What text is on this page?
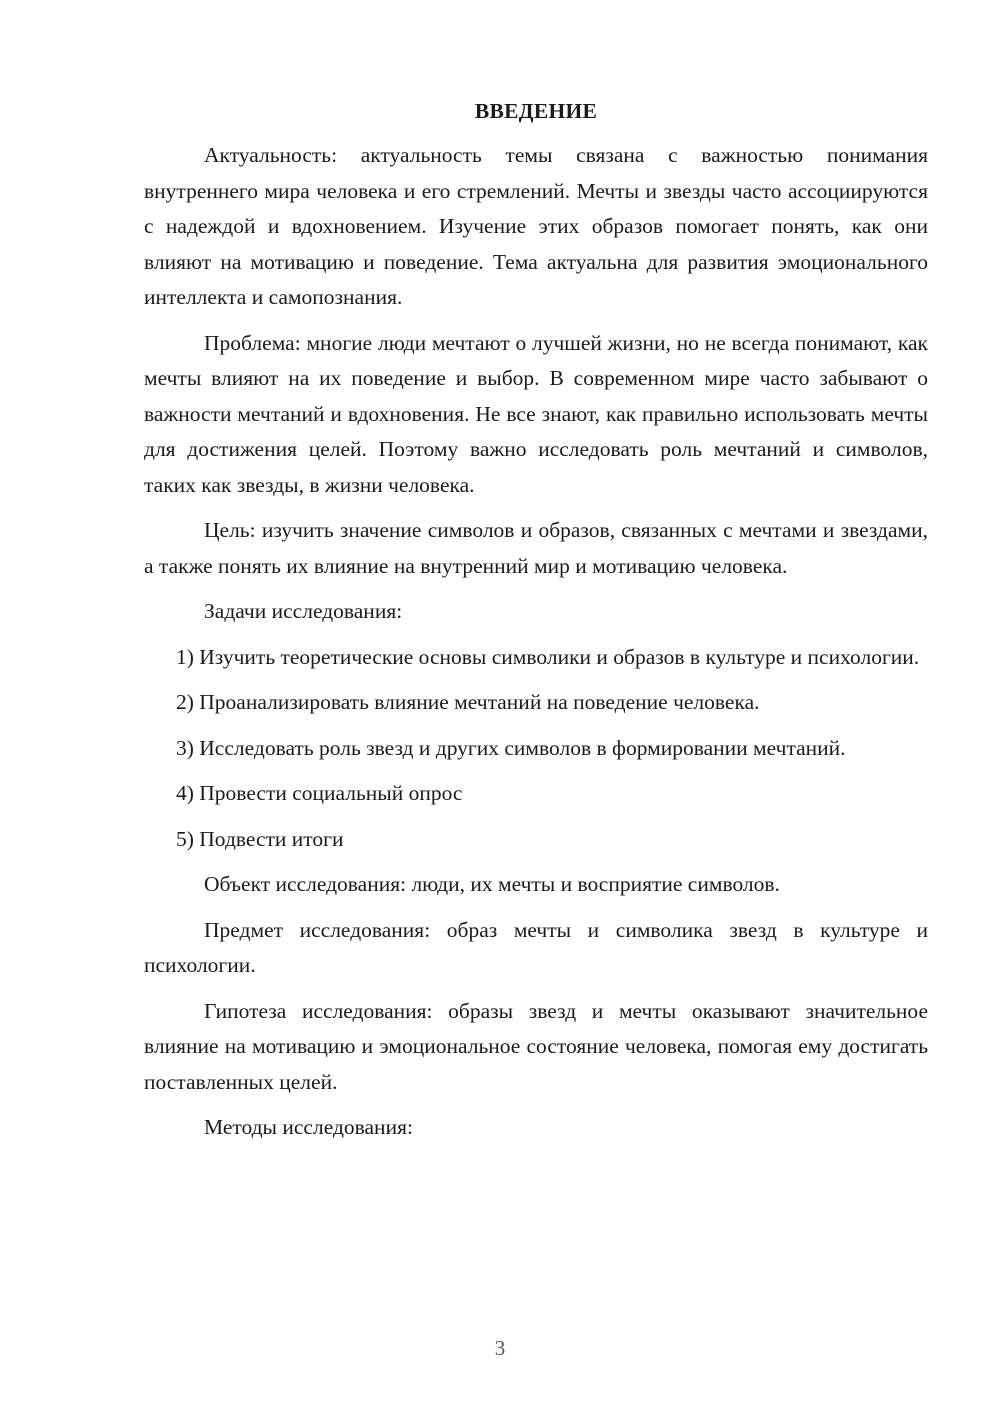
ВВЕДЕНИЕ

Актуальность: актуальность темы связана с важностью понимания внутреннего мира человека и его стремлений. Мечты и звезды часто ассоциируются с надеждой и вдохновением. Изучение этих образов помогает понять, как они влияют на мотивацию и поведение. Тема актуальна для развития эмоционального интеллекта и самопознания.

Проблема: многие люди мечтают о лучшей жизни, но не всегда понимают, как мечты влияют на их поведение и выбор. В современном мире часто забывают о важности мечтаний и вдохновения. Не все знают, как правильно использовать мечты для достижения целей. Поэтому важно исследовать роль мечтаний и символов, таких как звезды, в жизни человека.

Цель: изучить значение символов и образов, связанных с мечтами и звездами, а также понять их влияние на внутренний мир и мотивацию человека.

Задачи исследования:

1) Изучить теоретические основы символики и образов в культуре и психологии.

2) Проанализировать влияние мечтаний на поведение человека.

3) Исследовать роль звезд и других символов в формировании мечтаний.

4) Провести социальный опрос

5) Подвести итоги

Объект исследования: люди, их мечты и восприятие символов.

Предмет исследования: образ мечты и символика звезд в культуре и психологии.

Гипотеза исследования: образы звезд и мечты оказывают значительное влияние на мотивацию и эмоциональное состояние человека, помогая ему достигать поставленных целей.

Методы исследования:

3
